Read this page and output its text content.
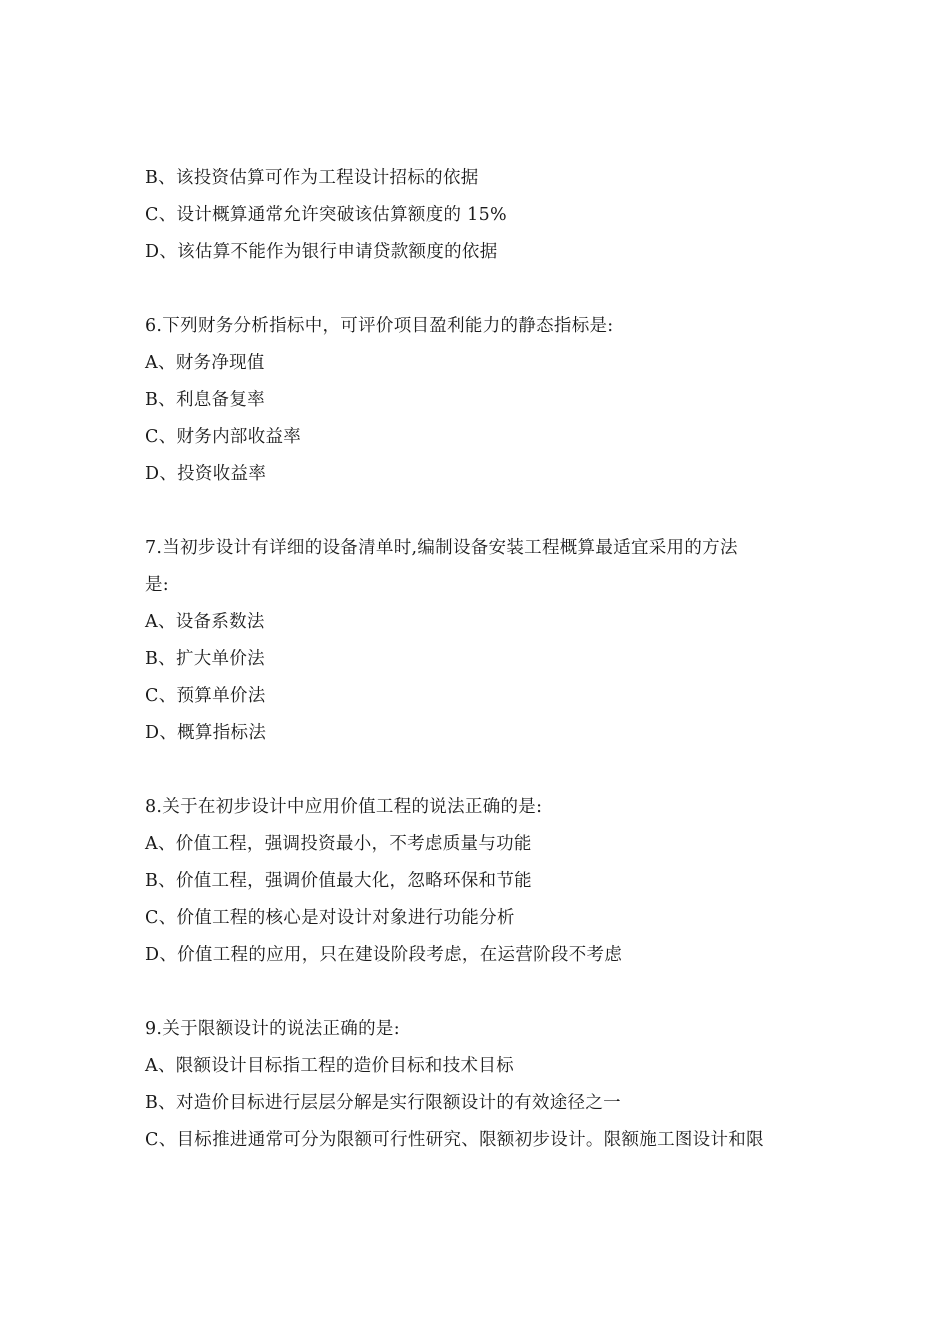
B、该投资估算可作为工程设计招标的依据
C、设计概算通常允许突破该估算额度的 15%
D、该估算不能作为银行申请贷款额度的依据
6.下列财务分析指标中，可评价项目盈利能力的静态指标是:
A、财务净现值
B、利息备复率
C、财务内部收益率
D、投资收益率
7.当初步设计有详细的设备清单时,编制设备安装工程概算最适宜采用的方法
是:
A、设备系数法
B、扩大单价法
C、预算单价法
D、概算指标法
8.关于在初步设计中应用价值工程的说法正确的是:
A、价值工程，强调投资最小，不考虑质量与功能
B、价值工程，强调价值最大化，忽略环保和节能
C、价值工程的核心是对设计对象进行功能分析
D、价值工程的应用，只在建设阶段考虑，在运营阶段不考虑
9.关于限额设计的说法正确的是:
A、限额设计目标指工程的造价目标和技术目标
B、对造价目标进行层层分解是实行限额设计的有效途径之一
C、目标推进通常可分为限额可行性研究、限额初步设计。限额施工图设计和限
